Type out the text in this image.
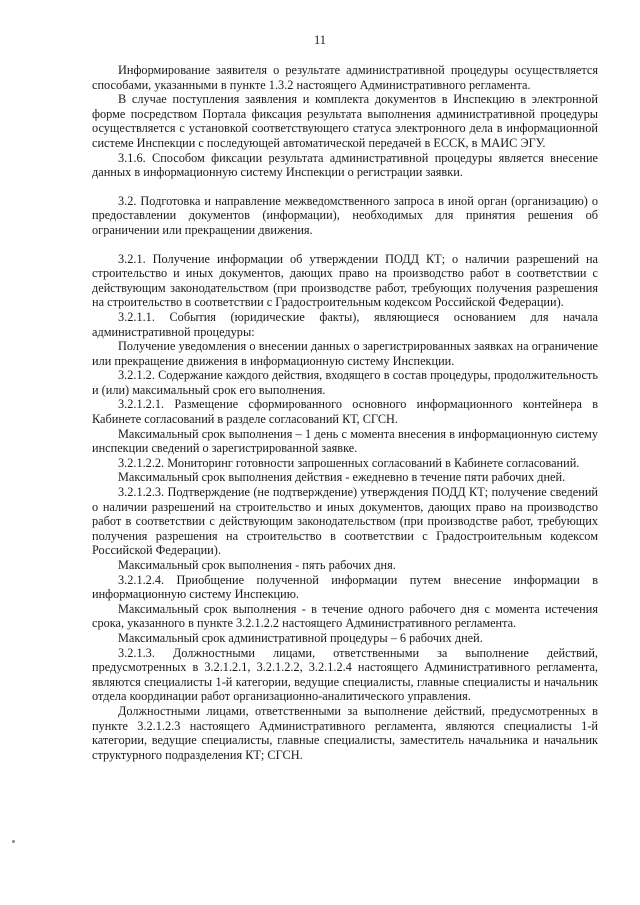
11

Информирование заявителя о результате административной процедуры осуществляется способами, указанными в пункте 1.3.2 настоящего Административного регламента.

В случае поступления заявления и комплекта документов в Инспекцию в электронной форме посредством Портала фиксация результата выполнения административной процедуры осуществляется с установкой соответствующего статуса электронного дела в информационной системе Инспекции с последующей автоматической передачей в ЕССК, в МАИС ЭГУ.

3.1.6. Способом фиксации результата административной процедуры является внесение данных в информационную систему Инспекции о регистрации заявки.

3.2. Подготовка и направление межведомственного запроса в иной орган (организацию) о предоставлении документов (информации), необходимых для принятия решения об ограничении или прекращении движения.

3.2.1. Получение информации об утверждении ПОДД КТ; о наличии разрешений на строительство и иных документов, дающих право на производство работ в соответствии с действующим законодательством (при производстве работ, требующих получения разрешения на строительство в соответствии с Градостроительным кодексом Российской Федерации).

3.2.1.1. События (юридические факты), являющиеся основанием для начала административной процедуры:

Получение уведомления о внесении данных о зарегистрированных заявках на ограничение или прекращение движения в информационную систему Инспекции.

3.2.1.2. Содержание каждого действия, входящего в состав процедуры, продолжительность и (или) максимальный срок его выполнения.

3.2.1.2.1. Размещение сформированного основного информационного контейнера в Кабинете согласований в разделе согласований КТ, СГСН.

Максимальный срок выполнения – 1 день с момента внесения в информационную систему инспекции сведений о зарегистрированной заявке.

3.2.1.2.2. Мониторинг готовности запрошенных согласований в Кабинете согласований.

Максимальный срок выполнения действия - ежедневно в течение пяти рабочих дней.

3.2.1.2.3. Подтверждение (не подтверждение) утверждения ПОДД КТ; получение сведений о наличии разрешений на строительство и иных документов, дающих право на производство работ в соответствии с действующим законодательством (при производстве работ, требующих получения разрешения на строительство в соответствии с Градостроительным кодексом Российской Федерации).

Максимальный срок выполнения - пять рабочих дня.

3.2.1.2.4. Приобщение полученной информации путем внесение информации в информационную систему Инспекцию.

Максимальный срок выполнения - в течение одного рабочего дня с момента истечения срока, указанного в пункте 3.2.1.2.2 настоящего Административного регламента.

Максимальный срок административной процедуры – 6 рабочих дней.

3.2.1.3. Должностными лицами, ответственными за выполнение действий, предусмотренных в 3.2.1.2.1, 3.2.1.2.2, 3.2.1.2.4 настоящего Административного регламента, являются специалисты 1-й категории, ведущие специалисты, главные специалисты и начальник отдела координации работ организационно-аналитического управления.

Должностными лицами, ответственными за выполнение действий, предусмотренных в пункте 3.2.1.2.3 настоящего Административного регламента, являются специалисты 1-й категории, ведущие специалисты, главные специалисты, заместитель начальника и начальник структурного подразделения КТ; СГСН.
